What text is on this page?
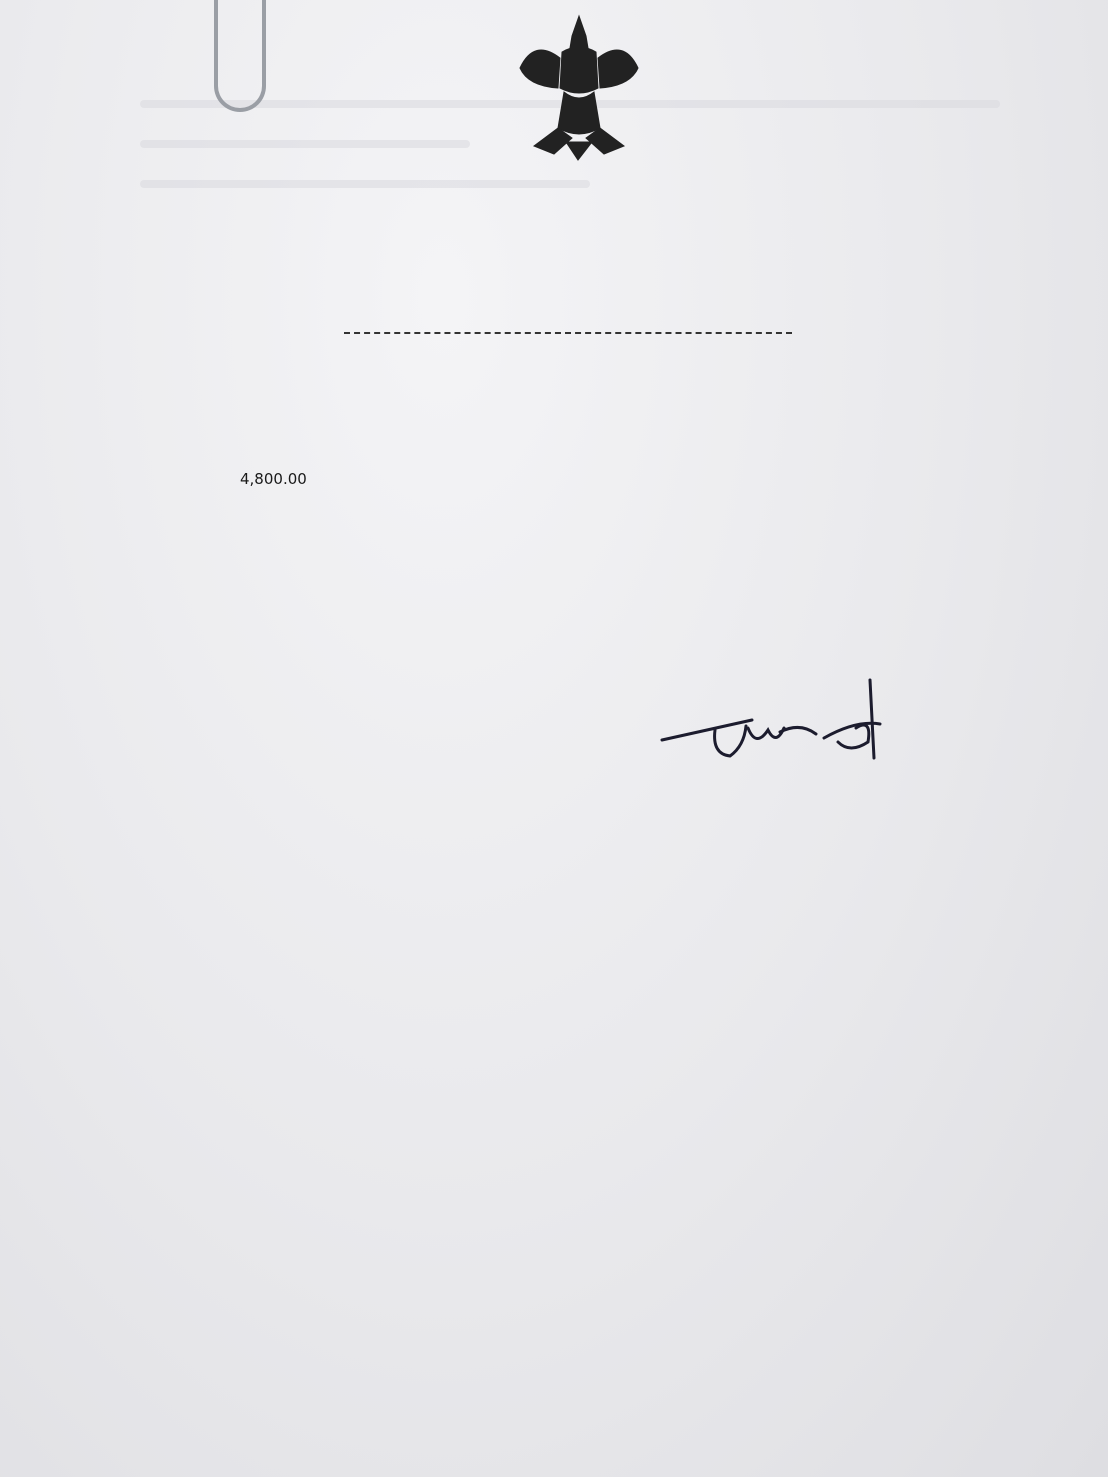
4,800.00
